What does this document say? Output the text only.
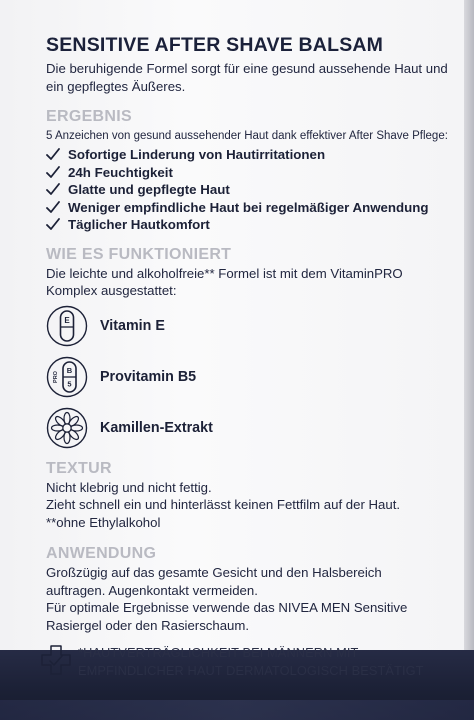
SENSITIVE AFTER SHAVE BALSAM
Die beruhigende Formel sorgt für eine gesund aussehende Haut und ein gepflegtes Äußeres.
ERGEBNIS
5 Anzeichen von gesund aussehender Haut dank effektiver After Shave Pflege:
Sofortige Linderung von Hautirritationen
24h Feuchtigkeit
Glatte und gepflegte Haut
Weniger empfindliche Haut bei regelmäßiger Anwendung
Täglicher Hautkomfort
WIE ES FUNKTIONIERT
Die leichte und alkoholfreie** Formel ist mit dem VitaminPRO Komplex ausgestattet:
E Vitamin E
B
5
PRO	Provitamin B5
Kamillen-Extrakt
TEXTUR
Nicht klebrig und nicht fettig.
Zieht schnell ein und hinterlässt keinen Fettfilm auf der Haut.
**ohne Ethylalkohol
ANWENDUNG
Großzügig auf das gesamte Gesicht und den Halsbereich
auftragen. Augenkontakt vermeiden.
Für optimale Ergebnisse verwende das NIVEA MEN Sensitive
Rasiergel oder den Rasierschaum.
*HAUTVERTRÄGLICHKEIT BEI MÄNNERN MIT
EMPFINDLICHER HAUT DERMATOLOGISCH BESTÄTIGT
